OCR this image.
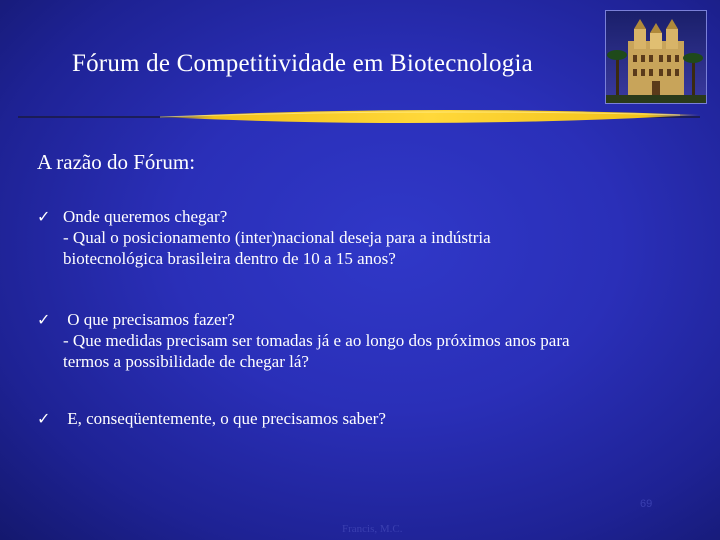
Fórum de Competitividade em Biotecnologia
A razão do Fórum:
✓ Onde queremos chegar?
- Qual o posicionamento (inter)nacional deseja para a indústria
biotecnológica brasileira dentro de 10 a 15 anos?
✓ O que precisamos fazer?
- Que medidas precisam ser tomadas já e ao longo dos próximos anos para
termos a possibilidade de chegar lá?
✓ E, conseqüentemente, o que precisamos saber?
69
Francis, M.C.
